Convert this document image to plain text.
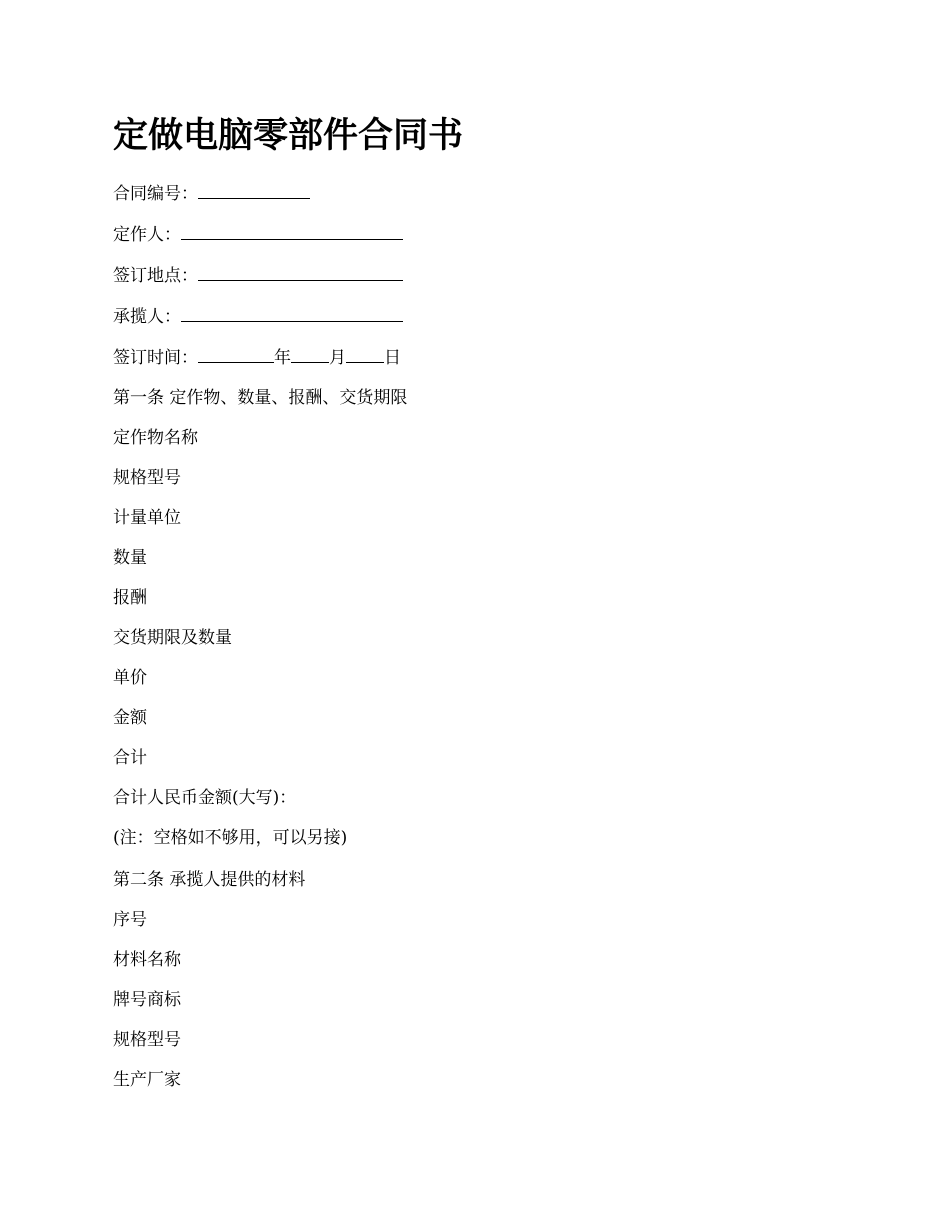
定做电脑零部件合同书
合同编号：
定作人：
签订地点：
承揽人：
签订时间：	年 月 日
第一条 定作物、数量、报酬、交货期限
定作物名称
规格型号
计量单位
数量
报酬
交货期限及数量
单价
金额
合计
合计人民币金额(大写)：
(注：空格如不够用，可以另接)
第二条 承揽人提供的材料
序号
材料名称
牌号商标
规格型号
生产厂家
